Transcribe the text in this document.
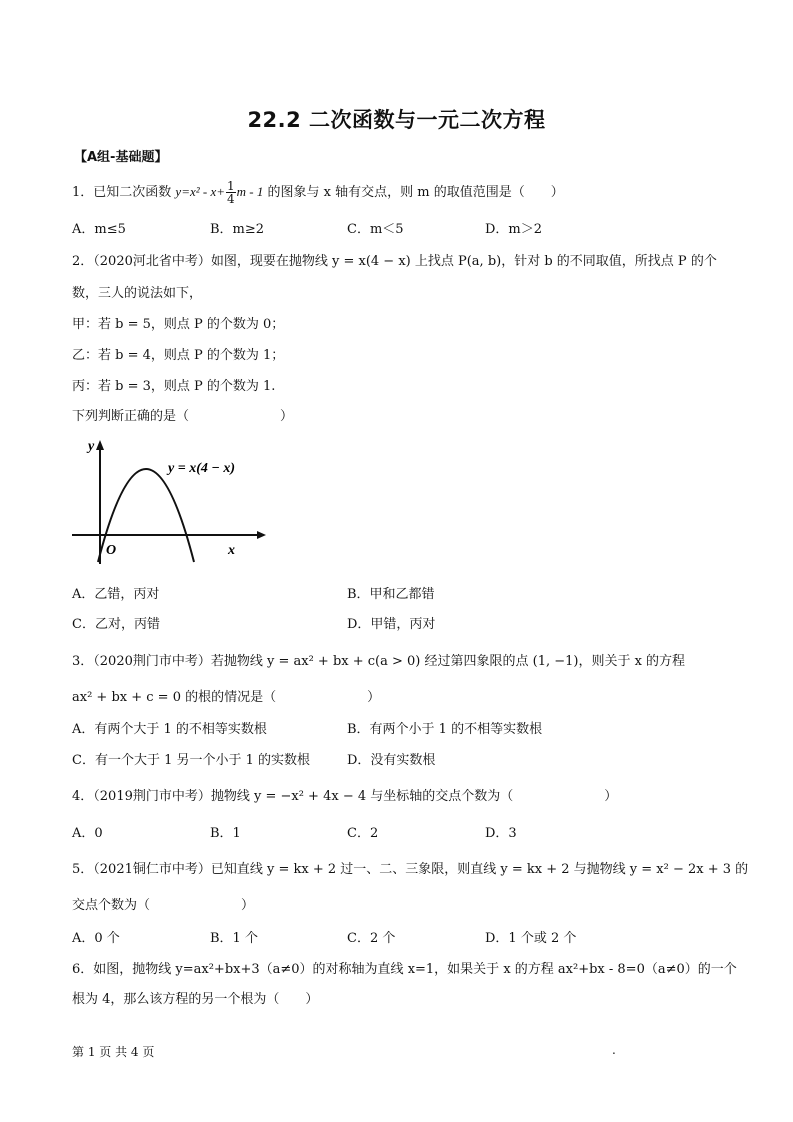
22.2 二次函数与一元二次方程
【A组-基础题】
1．已知二次函数 $y=x^2 - x+ \frac{1}{4}$ m - 1 的图象与 x 轴有交点，则 m 的取值范围是（　　）
A．m≤5	B．m≥2	C．m＜5	D．m＞2
2．（2020河北省中考）如图，现要在抛物线 y = x(4 − x) 上找点 P(a, b)，针对 b 的不同取值，所找点 P 的个
数，三人的说法如下，
甲：若 b = 5，则点 P 的个数为 0；
乙：若 b = 4，则点 P 的个数为 1；
丙：若 b = 3，则点 P 的个数为 1.
下列判断正确的是（　　　　　　　）
y
x
O
y = x(4 − x)
A．乙错，丙对	B．甲和乙都错
C．乙对，丙错	D．甲错，丙对
3．（2020荆门市中考）若抛物线 y = ax² + bx + c(a > 0) 经过第四象限的点 (1, −1)，则关于 x 的方程
ax² + bx + c = 0 的根的情况是（　　　　　　　）
A．有两个大于 1 的不相等实数根	B．有两个小于 1 的不相等实数根
C．有一个大于 1 另一个小于 1 的实数根	D．没有实数根
4．（2019荆门市中考）抛物线 y = −x² + 4x − 4 与坐标轴的交点个数为（　　　　　　　）
A．0	B．1	C．2	D．3
5．（2021铜仁市中考）已知直线 y = kx + 2 过一、二、三象限，则直线 y = kx + 2 与抛物线 y = x² − 2x + 3 的
交点个数为（　　　　　　　）
A．0 个	B．1 个	C．2 个	D．1 个或 2 个
6．如图，抛物线 y=ax²+bx+3（a≠0）的对称轴为直线 x=1，如果关于 x 的方程 ax²+bx - 8=0（a≠0）的一个
根为 4，那么该方程的另一个根为（　　）
第 1 页 共 4 页	.
